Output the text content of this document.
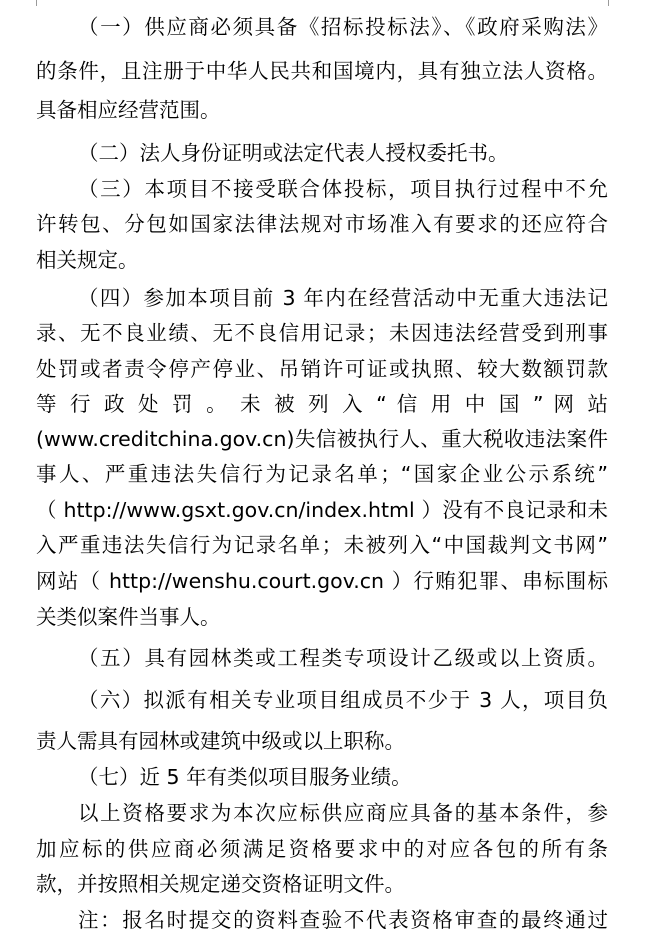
（一）供应商必须具备《招标投标法》、《政府采购法》
的条件，且注册于中华人民共和国境内，具有独立法人资格。
具备相应经营范围。
（二）法人身份证明或法定代表人授权委托书。
（三）本项目不接受联合体投标，项目执行过程中不允
许转包、分包如国家法律法规对市场准入有要求的还应符合
相关规定。
（四）参加本项目前 3 年内在经营活动中无重大违法记
录、无不良业绩、无不良信用记录；未因违法经营受到刑事
处罚或者责令停产停业、吊销许可证或执照、较大数额罚款
等 行 政 处 罚 。 未 被 列 入 “ 信 用 中 国 ” 网 站
(www.creditchina.gov.cn)失信被执行人、重大税收违法案件
事人、严重违法失信行为记录名单；“国家企业公示系统”
（ http://www.gsxt.gov.cn/index.html ）没有不良记录和未
入严重违法失信行为记录名单；未被列入“中国裁判文书网”
网站（ http://wenshu.court.gov.cn ）行贿犯罪、串标围标
关类似案件当事人。
（五）具有园林类或工程类专项设计乙级或以上资质。
（六）拟派有相关专业项目组成员不少于 3 人，项目负
责人需具有园林或建筑中级或以上职称。
（七）近 5 年有类似项目服务业绩。
以上资格要求为本次应标供应商应具备的基本条件，参
加应标的供应商必须满足资格要求中的对应各包的所有条
款，并按照相关规定递交资格证明文件。
注：报名时提交的资料查验不代表资格审查的最终通过
